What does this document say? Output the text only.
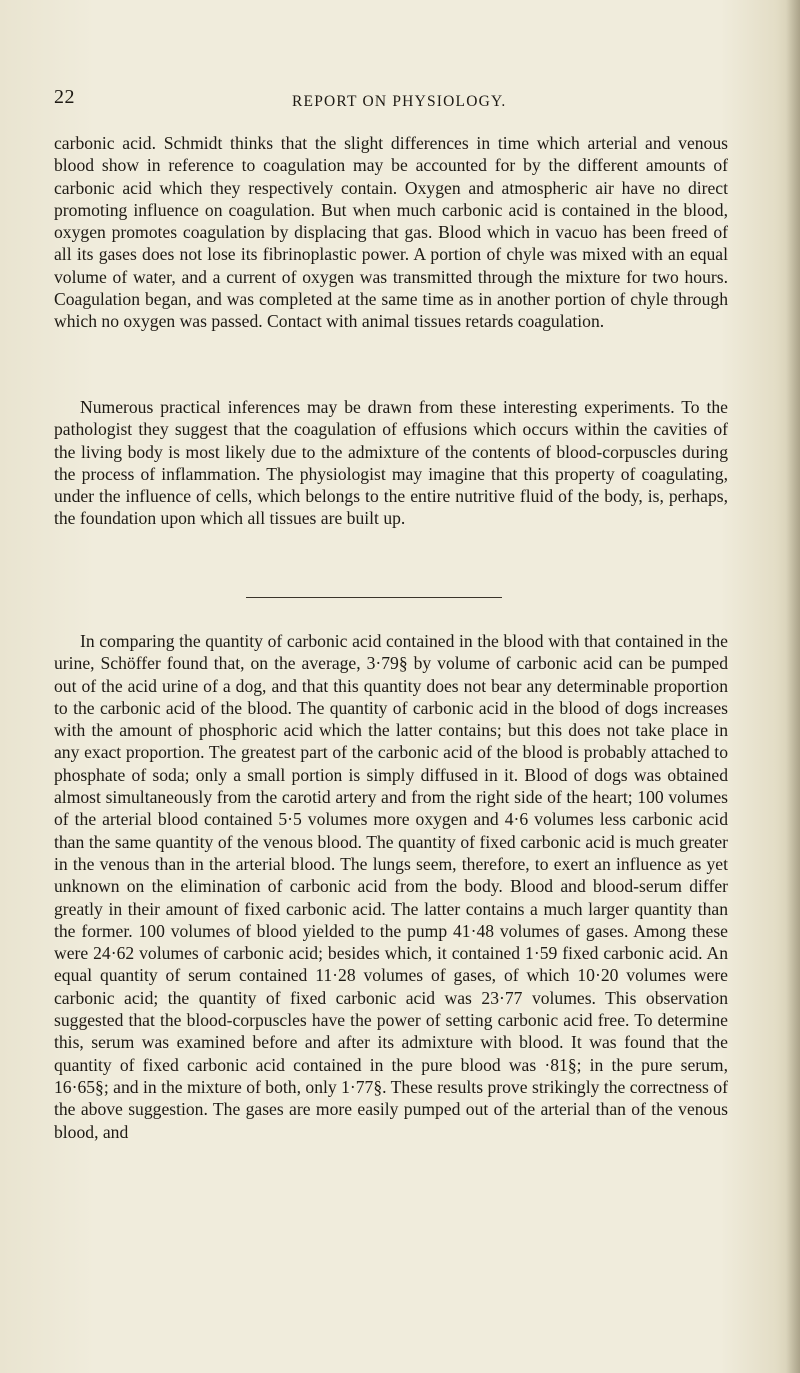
22	REPORT ON PHYSIOLOGY.

carbonic acid. Schmidt thinks that the slight differences in time which arterial and venous blood show in reference to coagulation may be accounted for by the different amounts of carbonic acid which they respectively contain. Oxygen and atmospheric air have no direct promoting influence on coagulation. But when much carbonic acid is contained in the blood, oxygen promotes coagulation by displacing that gas. Blood which in vacuo has been freed of all its gases does not lose its fibrinoplastic power. A portion of chyle was mixed with an equal volume of water, and a current of oxygen was transmitted through the mixture for two hours. Coagulation began, and was completed at the same time as in another portion of chyle through which no oxygen was passed. Contact with animal tissues retards coagulation.

Numerous practical inferences may be drawn from these interesting experiments. To the pathologist they suggest that the coagulation of effusions which occurs within the cavities of the living body is most likely due to the admixture of the contents of blood-corpuscles during the process of inflammation. The physiologist may imagine that this property of coagulating, under the influence of cells, which belongs to the entire nutritive fluid of the body, is, perhaps, the foundation upon which all tissues are built up.

In comparing the quantity of carbonic acid contained in the blood with that contained in the urine, Schöffer found that, on the average, 3·79§ by volume of carbonic acid can be pumped out of the acid urine of a dog, and that this quantity does not bear any determinable proportion to the carbonic acid of the blood. The quantity of carbonic acid in the blood of dogs increases with the amount of phosphoric acid which the latter contains; but this does not take place in any exact proportion. The greatest part of the carbonic acid of the blood is probably attached to phosphate of soda; only a small portion is simply diffused in it. Blood of dogs was obtained almost simultaneously from the carotid artery and from the right side of the heart; 100 volumes of the arterial blood contained 5·5 volumes more oxygen and 4·6 volumes less carbonic acid than the same quantity of the venous blood. The quantity of fixed carbonic acid is much greater in the venous than in the arterial blood. The lungs seem, therefore, to exert an influence as yet unknown on the elimination of carbonic acid from the body. Blood and blood-serum differ greatly in their amount of fixed carbonic acid. The latter contains a much larger quantity than the former. 100 volumes of blood yielded to the pump 41·48 volumes of gases. Among these were 24·62 volumes of carbonic acid; besides which, it contained 1·59 fixed carbonic acid. An equal quantity of serum contained 11·28 volumes of gases, of which 10·20 volumes were carbonic acid; the quantity of fixed carbonic acid was 23·77 volumes. This observation suggested that the blood-corpuscles have the power of setting carbonic acid free. To determine this, serum was examined before and after its admixture with blood. It was found that the quantity of fixed carbonic acid contained in the pure blood was ·81§; in the pure serum, 16·65§; and in the mixture of both, only 1·77§. These results prove strikingly the correctness of the above suggestion. The gases are more easily pumped out of the arterial than of the venous blood, and
